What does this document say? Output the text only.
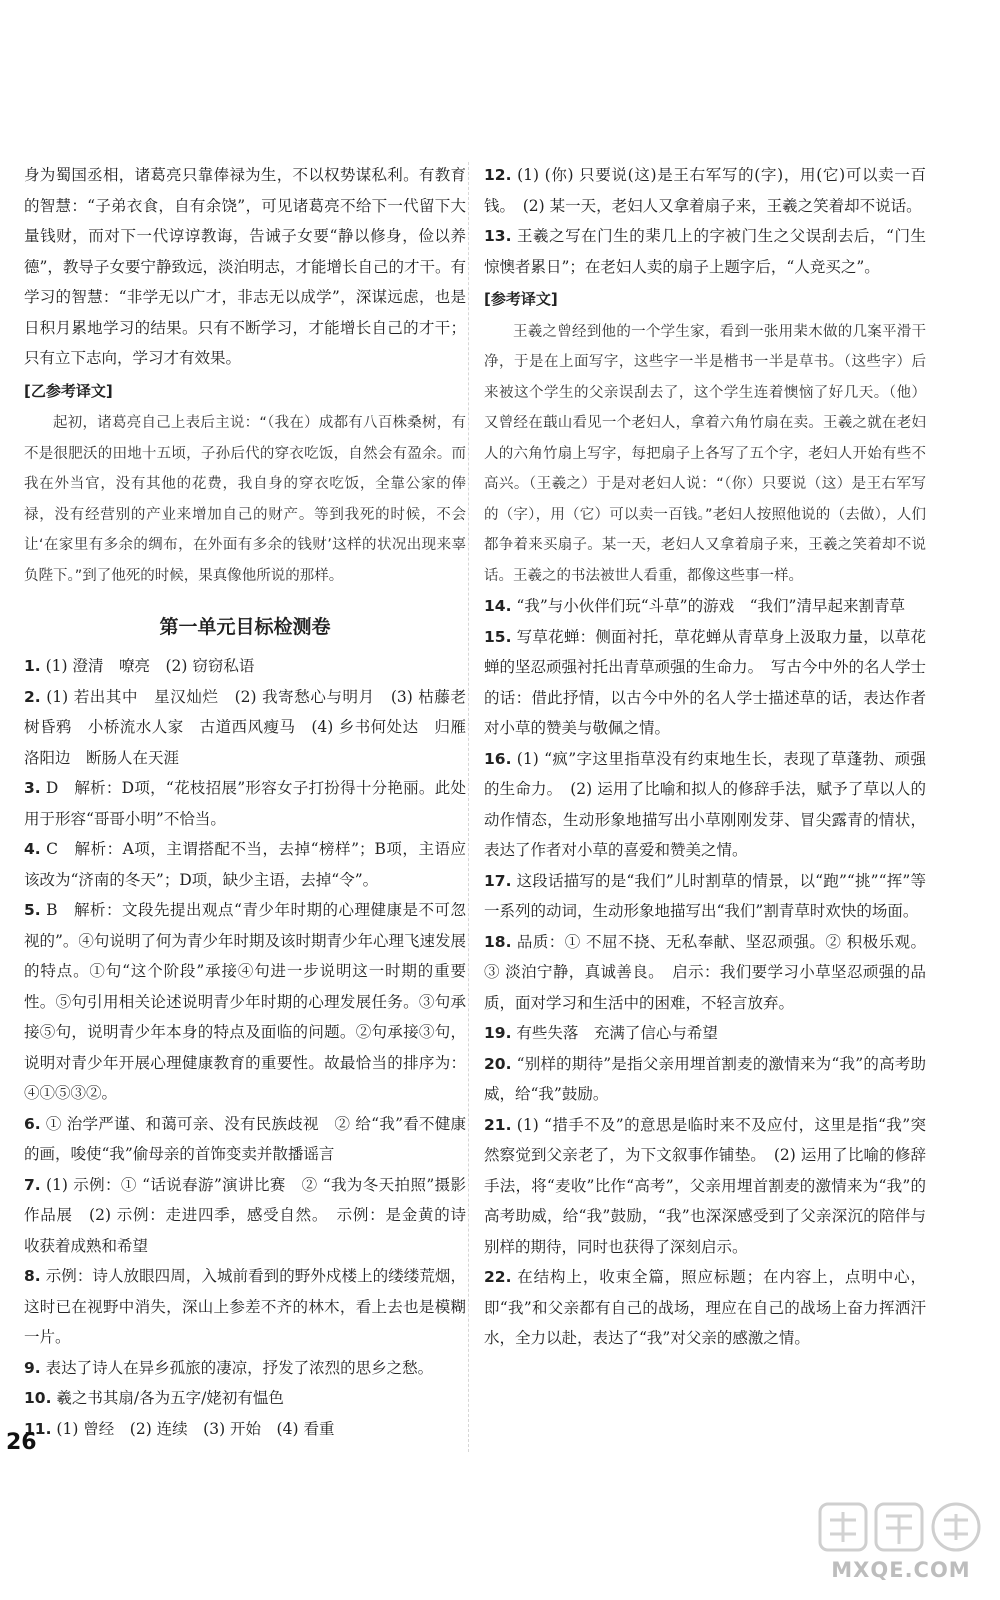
身为蜀国丞相，诸葛亮只靠俸禄为生，不以权势谋私利。有教育的智慧：“子弟衣食，自有余饶”，可见诸葛亮不给下一代留下大量钱财，而对下一代谆谆教诲，告诫子女要“静以修身，俭以养德”，教导子女要宁静致远，淡泊明志，才能增长自己的才干。有学习的智慧：“非学无以广才，非志无以成学”，深谋远虑，也是日积月累地学习的结果。只有不断学习，才能增长自己的才干；只有立下志向，学习才有效果。

[乙参考译文]

起初，诸葛亮自己上表后主说：“（我在）成都有八百株桑树，有不是很肥沃的田地十五顷，子孙后代的穿衣吃饭，自然会有盈余。而我在外当官，没有其他的花费，我自身的穿衣吃饭，全靠公家的俸禄，没有经营别的产业来增加自己的财产。等到我死的时候，不会让‘在家里有多余的绸布，在外面有多余的钱财’这样的状况出现来辜负陛下。”到了他死的时候，果真像他所说的那样。

第一单元目标检测卷

1. (1) 澄清　嘹亮　(2) 窃窃私语

2. (1) 若出其中　星汉灿烂　(2) 我寄愁心与明月　(3) 枯藤老树昏鸦　小桥流水人家　古道西风瘦马　(4) 乡书何处达　归雁洛阳边　断肠人在天涯

3. D　解析：D项，“花枝招展”形容女子打扮得十分艳丽。此处用于形容“哥哥小明”不恰当。

4. C　解析：A项，主谓搭配不当，去掉“榜样”；B项，主语应该改为“济南的冬天”；D项，缺少主语，去掉“令”。

5. B　解析：文段先提出观点“青少年时期的心理健康是不可忽视的”。④句说明了何为青少年时期及该时期青少年心理飞速发展的特点。①句“这个阶段”承接④句进一步说明这一时期的重要性。⑤句引用相关论述说明青少年时期的心理发展任务。③句承接⑤句，说明青少年本身的特点及面临的问题。②句承接③句，说明对青少年开展心理健康教育的重要性。故最恰当的排序为：④①⑤③②。

6. ① 治学严谨、和蔼可亲、没有民族歧视　② 给“我”看不健康的画，唆使“我”偷母亲的首饰变卖并散播谣言

7. (1) 示例：① “话说春游”演讲比赛　② “我为冬天拍照”摄影作品展　(2) 示例：走进四季，感受自然。　示例：是金黄的诗　收获着成熟和希望

8. 示例：诗人放眼四周，入城前看到的野外戍楼上的缕缕荒烟，这时已在视野中消失，深山上参差不齐的林木，看上去也是模糊一片。

9. 表达了诗人在异乡孤旅的凄凉，抒发了浓烈的思乡之愁。

10. 羲之书其扇/各为五字/姥初有愠色

11. (1) 曾经　(2) 连续　(3) 开始　(4) 看重

12. (1) (你) 只要说(这)是王右军写的(字)，用(它)可以卖一百钱。　(2) 某一天，老妇人又拿着扇子来，王羲之笑着却不说话。

13. 王羲之写在门生的棐几上的字被门生之父误刮去后，“门生惊懊者累日”；在老妇人卖的扇子上题字后，“人竞买之”。

[参考译文]

王羲之曾经到他的一个学生家，看到一张用棐木做的几案平滑干净，于是在上面写字，这些字一半是楷书一半是草书。（这些字）后来被这个学生的父亲误刮去了，这个学生连着懊恼了好几天。（他）又曾经在蕺山看见一个老妇人，拿着六角竹扇在卖。王羲之就在老妇人的六角竹扇上写字，每把扇子上各写了五个字，老妇人开始有些不高兴。（王羲之）于是对老妇人说：“（你）只要说（这）是王右军写的（字），用（它）可以卖一百钱。”老妇人按照他说的（去做），人们都争着来买扇子。某一天，老妇人又拿着扇子来，王羲之笑着却不说话。王羲之的书法被世人看重，都像这些事一样。

14. “我”与小伙伴们玩“斗草”的游戏　“我们”清早起来割青草

15. 写草花蝉：侧面衬托，草花蝉从青草身上汲取力量，以草花蝉的坚忍顽强衬托出青草顽强的生命力。　写古今中外的名人学士的话：借此抒情，以古今中外的名人学士描述草的话，表达作者对小草的赞美与敬佩之情。

16. (1) “疯”字这里指草没有约束地生长，表现了草蓬勃、顽强的生命力。　(2) 运用了比喻和拟人的修辞手法，赋予了草以人的动作情态，生动形象地描写出小草刚刚发芽、冒尖露青的情状，表达了作者对小草的喜爱和赞美之情。

17. 这段话描写的是“我们”儿时割草的情景，以“跑”“挑”“挥”等一系列的动词，生动形象地描写出“我们”割青草时欢快的场面。

18. 品质：① 不屈不挠、无私奉献、坚忍顽强。② 积极乐观。③ 淡泊宁静，真诚善良。　启示：我们要学习小草坚忍顽强的品质，面对学习和生活中的困难，不轻言放弃。

19. 有些失落　充满了信心与希望

20. “别样的期待”是指父亲用埋首割麦的激情来为“我”的高考助威，给“我”鼓励。

21. (1) “措手不及”的意思是临时来不及应付，这里是指“我”突然察觉到父亲老了，为下文叙事作铺垫。　(2) 运用了比喻的修辞手法，将“麦收”比作“高考”，父亲用埋首割麦的激情来为“我”的高考助威，给“我”鼓励，“我”也深深感受到了父亲深沉的陪伴与别样的期待，同时也获得了深刻启示。

22. 在结构上，收束全篇，照应标题；在内容上，点明中心，即“我”和父亲都有自己的战场，理应在自己的战场上奋力挥洒汗水，全力以赴，表达了“我”对父亲的感激之情。

26
MXQE.COM
